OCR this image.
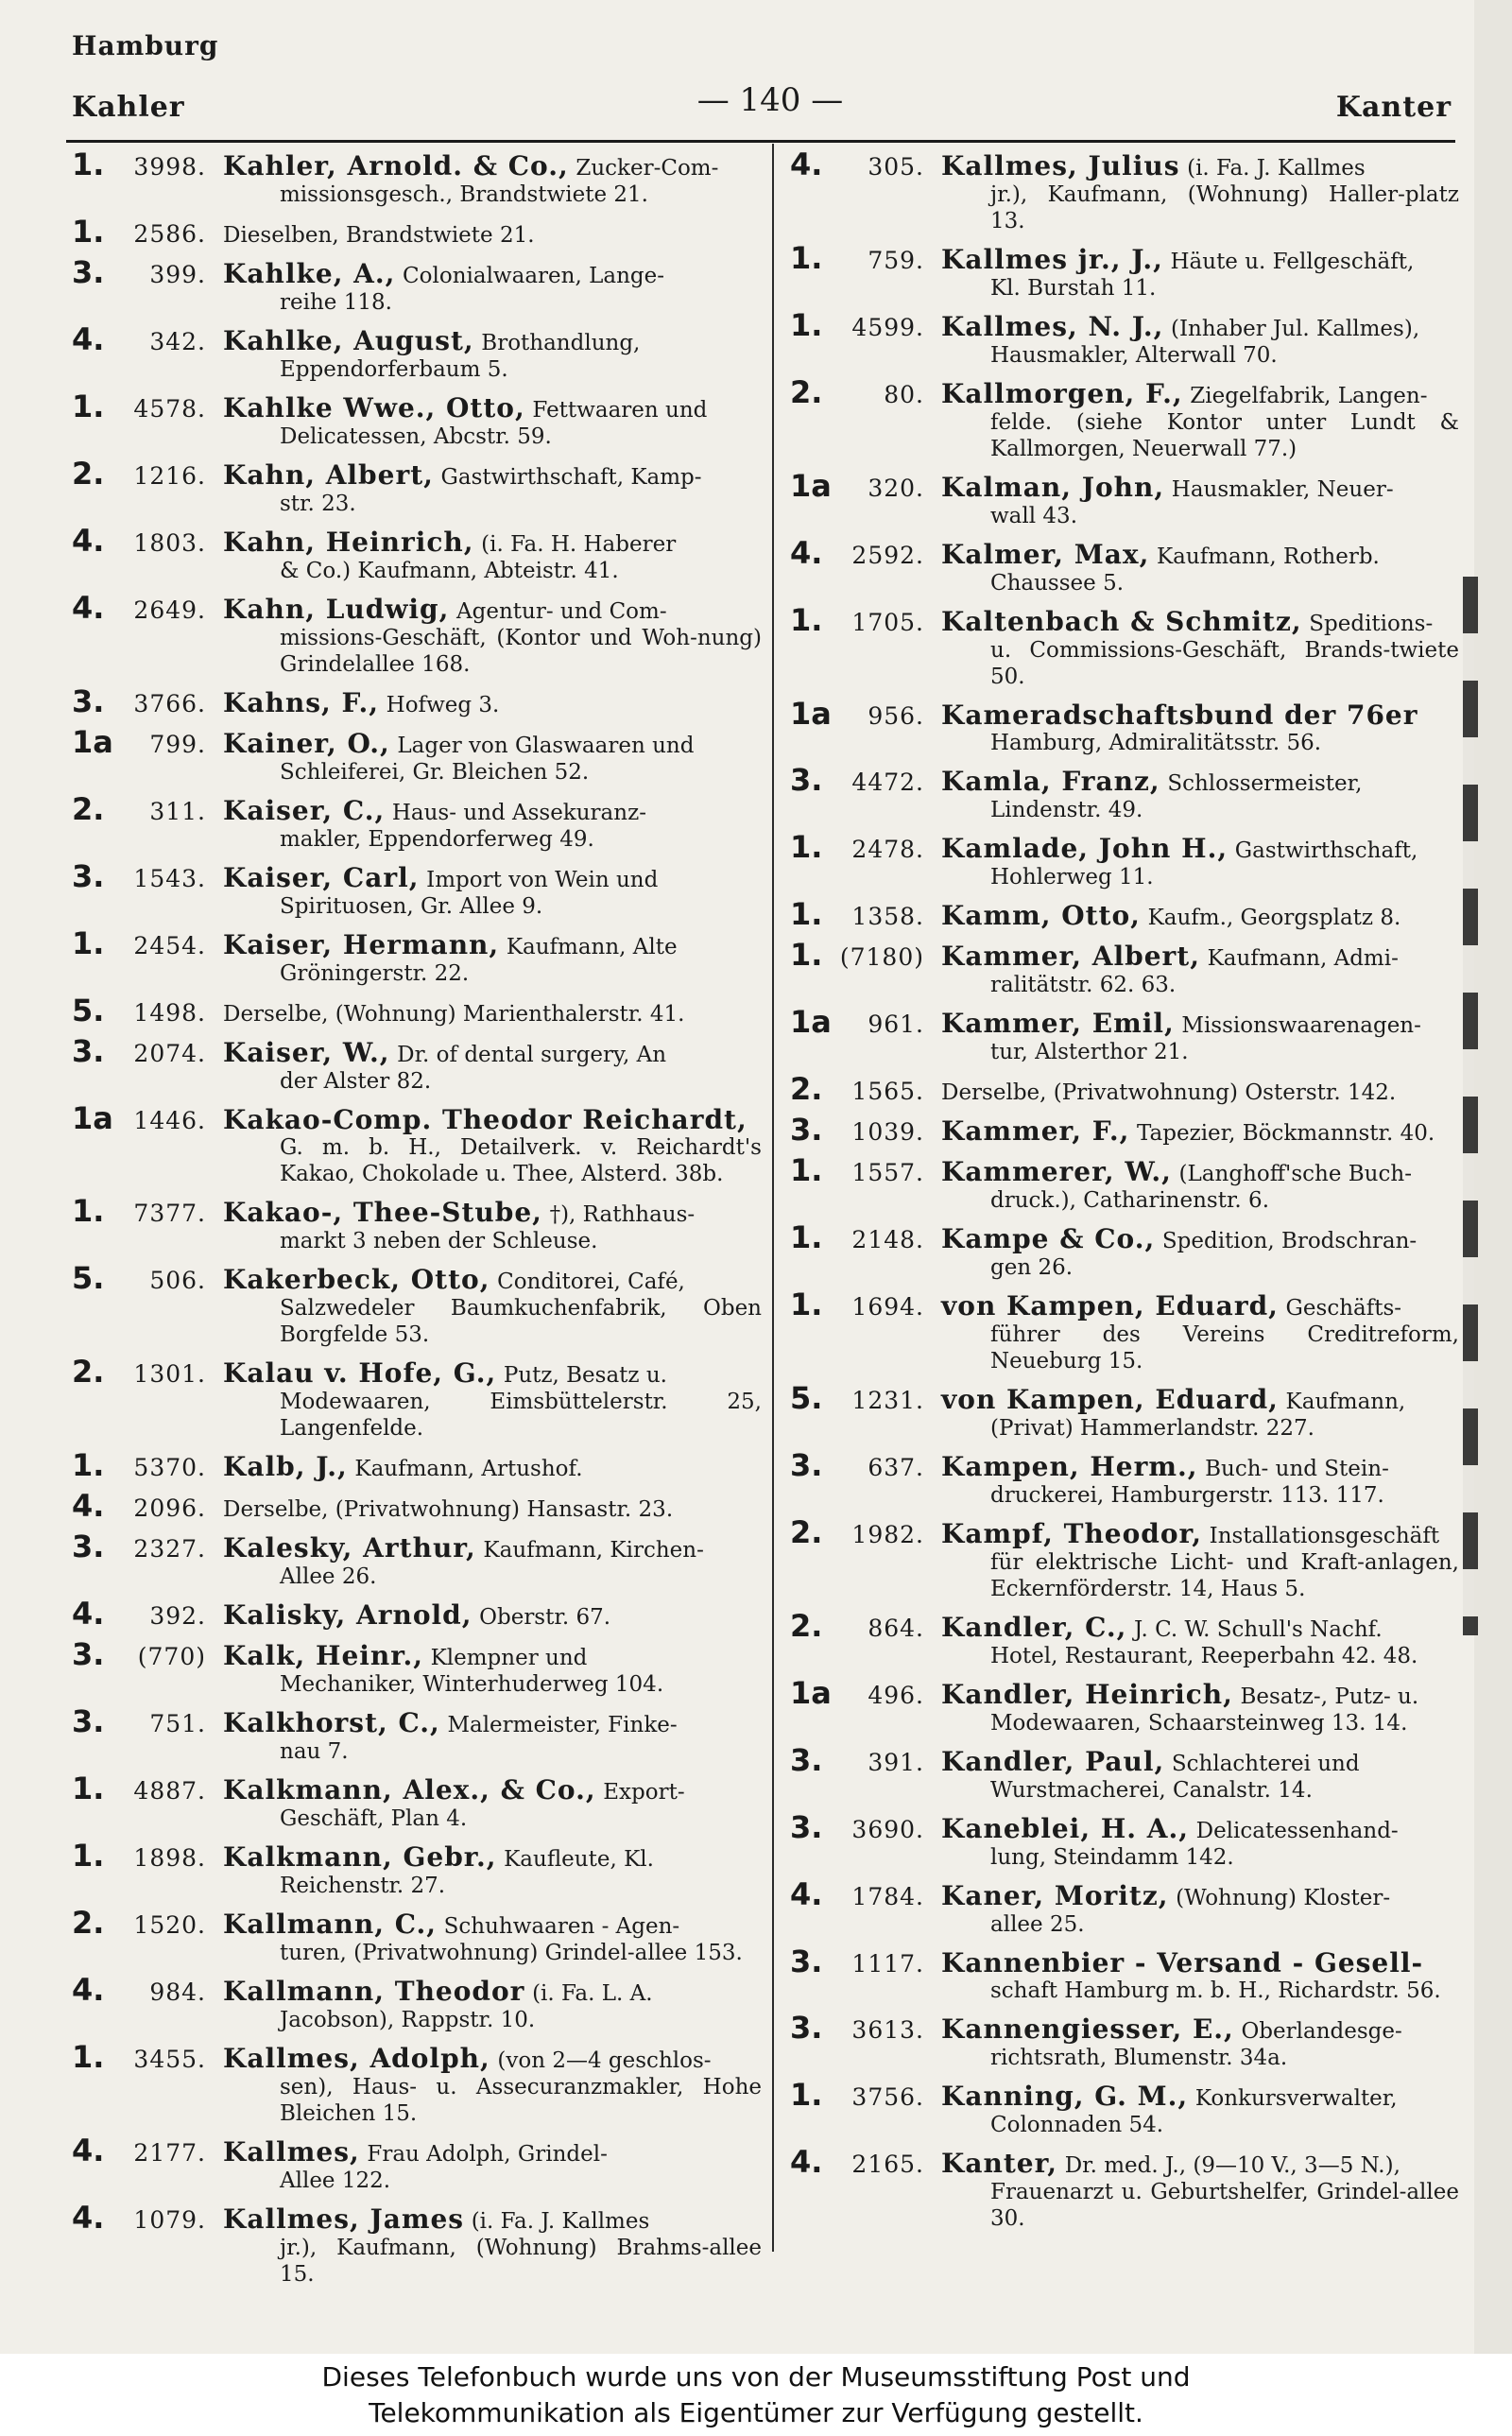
Hamburg
Kahler	— 140 —	Kanter
1. 3998. Kahler, Arnold. & Co., Zucker-Com-
missionsgesch., Brandstwiete 21.
1. 2586. Dieselben, Brandstwiete 21.
3. 399. Kahlke, A., Colonialwaaren, Lange-
reihe 118.
4. 342. Kahlke, August, Brothandlung,
Eppendorferbaum 5.
1. 4578. Kahlke Wwe., Otto, Fettwaaren und
Delicatessen, Abcstr. 59.
2. 1216. Kahn, Albert, Gastwirthschaft, Kamp-
str. 23.
4. 1803. Kahn, Heinrich, (i. Fa. H. Haberer
& Co.) Kaufmann, Abteistr. 41.
4. 2649. Kahn, Ludwig, Agentur- und Com-
missions-Geschäft, (Kontor und Woh-nung) Grindelallee 168.
3. 3766. Kahns, F., Hofweg 3.
1a 799. Kainer, O., Lager von Glaswaaren und
Schleiferei, Gr. Bleichen 52.
2. 311. Kaiser, C., Haus- und Assekuranz-
makler, Eppendorferweg 49.
3. 1543. Kaiser, Carl, Import von Wein und
Spirituosen, Gr. Allee 9.
1. 2454. Kaiser, Hermann, Kaufmann, Alte
Gröningerstr. 22.
5. 1498. Derselbe, (Wohnung) Marienthalerstr. 41.
3. 2074. Kaiser, W., Dr. of dental surgery, An
der Alster 82.
1a 1446. Kakao-Comp. Theodor Reichardt,
G. m. b. H., Detailverk. v. Reichardt's Kakao, Chokolade u. Thee, Alsterd. 38b.
1. 7377. Kakao-, Thee-Stube, †), Rathhaus-
markt 3 neben der Schleuse.
5. 506. Kakerbeck, Otto, Conditorei, Café,
Salzwedeler Baumkuchenfabrik, Oben Borgfelde 53.
2. 1301. Kalau v. Hofe, G., Putz, Besatz u.
Modewaaren, Eimsbüttelerstr. 25, Langenfelde.
1. 5370. Kalb, J., Kaufmann, Artushof.
4. 2096. Derselbe, (Privatwohnung) Hansastr. 23.
3. 2327. Kalesky, Arthur, Kaufmann, Kirchen-
Allee 26.
4. 392. Kalisky, Arnold, Oberstr. 67.
3. (770) Kalk, Heinr., Klempner und
Mechaniker, Winterhuderweg 104.
3. 751. Kalkhorst, C., Malermeister, Finke-
nau 7.
1. 4887. Kalkmann, Alex., & Co., Export-
Geschäft, Plan 4.
1. 1898. Kalkmann, Gebr., Kaufleute, Kl.
Reichenstr. 27.
2. 1520. Kallmann, C., Schuhwaaren - Agen-
turen, (Privatwohnung) Grindel-allee 153.
4. 984. Kallmann, Theodor (i. Fa. L. A.
Jacobson), Rappstr. 10.
1. 3455. Kallmes, Adolph, (von 2—4 geschlos-
sen), Haus- u. Assecuranzmakler, Hohe Bleichen 15.
4. 2177. Kallmes, Frau Adolph, Grindel-
Allee 122.
4. 1079. Kallmes, James (i. Fa. J. Kallmes
jr.), Kaufmann, (Wohnung) Brahms-allee 15.
4. 305. Kallmes, Julius (i. Fa. J. Kallmes
jr.), Kaufmann, (Wohnung) Haller-platz 13.
1. 759. Kallmes jr., J., Häute u. Fellgeschäft,
Kl. Burstah 11.
1. 4599. Kallmes, N. J., (Inhaber Jul. Kallmes),
Hausmakler, Alterwall 70.
2.	80. Kallmorgen, F., Ziegelfabrik, Langen-
felde. (siehe Kontor unter Lundt & Kallmorgen, Neuerwall 77.)
1a 320. Kalman, John, Hausmakler, Neuer-
wall 43.
4. 2592. Kalmer, Max, Kaufmann, Rotherb.
Chaussee 5.
1. 1705. Kaltenbach & Schmitz, Speditions-
u. Commissions-Geschäft, Brands-twiete 50.
1a 956. Kameradschaftsbund der 76er
Hamburg, Admiralitätsstr. 56.
3. 4472. Kamla, Franz, Schlossermeister,
Lindenstr. 49.
1. 2478. Kamlade, John H., Gastwirthschaft,
Hohlerweg 11.
1. 1358. Kamm, Otto, Kaufm., Georgsplatz 8.
1. (7180) Kammer, Albert, Kaufmann, Admi-
ralitätstr. 62. 63.
1a 961. Kammer, Emil, Missionswaarenagen-
tur, Alsterthor 21.
2. 1565. Derselbe, (Privatwohnung) Osterstr. 142.
3. 1039. Kammer, F., Tapezier, Böckmannstr. 40.
1. 1557. Kammerer, W., (Langhoff'sche Buch-
druck.), Catharinenstr. 6.
1. 2148. Kampe & Co., Spedition, Brodschran-
gen 26.
1. 1694. von Kampen, Eduard, Geschäfts-
führer des Vereins Creditreform, Neueburg 15.
5. 1231. von Kampen, Eduard, Kaufmann,
(Privat) Hammerlandstr. 227.
3. 637. Kampen, Herm., Buch- und Stein-
druckerei, Hamburgerstr. 113. 117.
2. 1982. Kampf, Theodor, Installationsgeschäft
für elektrische Licht- und Kraft-anlagen, Eckernförderstr. 14, Haus 5.
2. 864. Kandler, C., J. C. W. Schull's Nachf.
Hotel, Restaurant, Reeperbahn 42. 48.
1a 496. Kandler, Heinrich, Besatz-, Putz- u.
Modewaaren, Schaarsteinweg 13. 14.
3. 391. Kandler, Paul, Schlachterei und
Wurstmacherei, Canalstr. 14.
3. 3690. Kaneblei, H. A., Delicatessenhand-
lung, Steindamm 142.
4. 1784. Kaner, Moritz, (Wohnung) Kloster-
allee 25.
3. 1117. Kannenbier - Versand - Gesell-
schaft Hamburg m. b. H., Richardstr. 56.
3. 3613. Kannengiesser, E., Oberlandesge-
richtsrath, Blumenstr. 34a.
1. 3756. Kanning, G. M., Konkursverwalter,
Colonnaden 54.
4. 2165. Kanter, Dr. med. J., (9—10 V., 3—5 N.),
Frauenarzt u. Geburtshelfer, Grindel-allee 30.
Dieses Telefonbuch wurde uns von der Museumsstiftung Post und
Telekommunikation als Eigentümer zur Verfügung gestellt.
